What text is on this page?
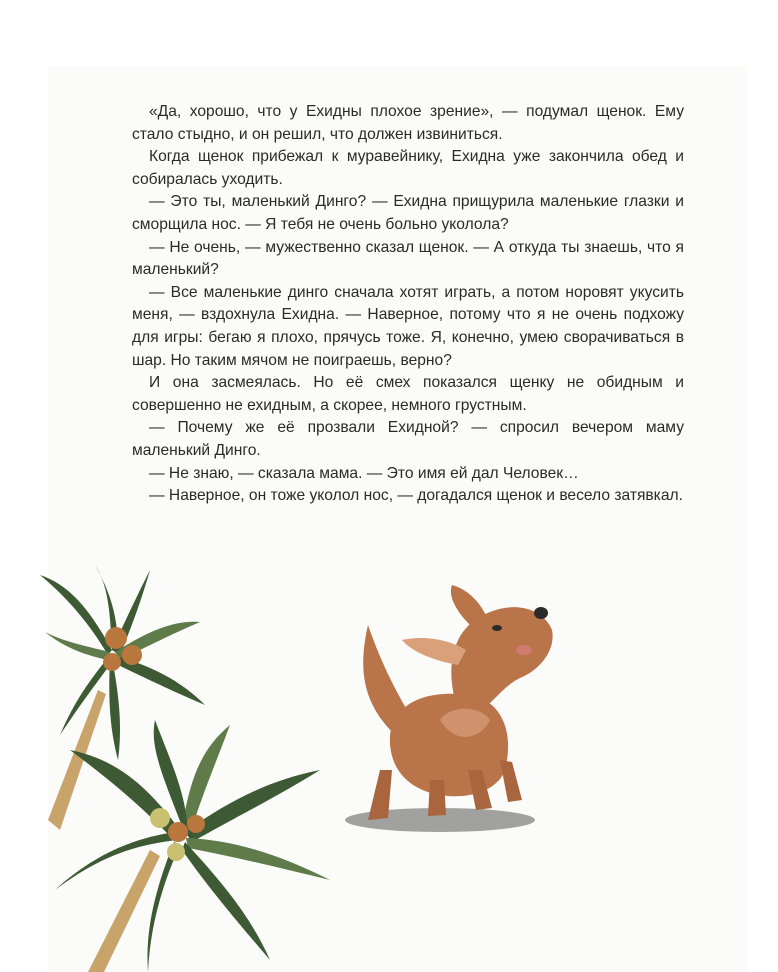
«Да, хорошо, что у Ехидны плохое зрение», — подумал щенок. Ему стало стыдно, и он решил, что должен извиниться.

Когда щенок прибежал к муравейнику, Ехидна уже закончила обед и собиралась уходить.

— Это ты, маленький Динго? — Ехидна прищурила маленькие глазки и сморщила нос. — Я тебя не очень больно уколола?

— Не очень, — мужественно сказал щенок. — А откуда ты знаешь, что я маленький?

— Все маленькие динго сначала хотят играть, а потом норовят укусить меня, — вздохнула Ехидна. — Наверное, потому что я не очень подхожу для игры: бегаю я плохо, прячусь тоже. Я, конечно, умею сворачиваться в шар. Но таким мячом не поиграешь, верно?

И она засмеялась. Но её смех показался щенку не обидным и совершенно не ехидным, а скорее, немного грустным.

— Почему же её прозвали Ехидной? — спросил вечером маму маленький Динго.

— Не знаю, — сказала мама. — Это имя ей дал Человек…

— Наверное, он тоже уколол нос, — догадался щенок и весело затявкал.
